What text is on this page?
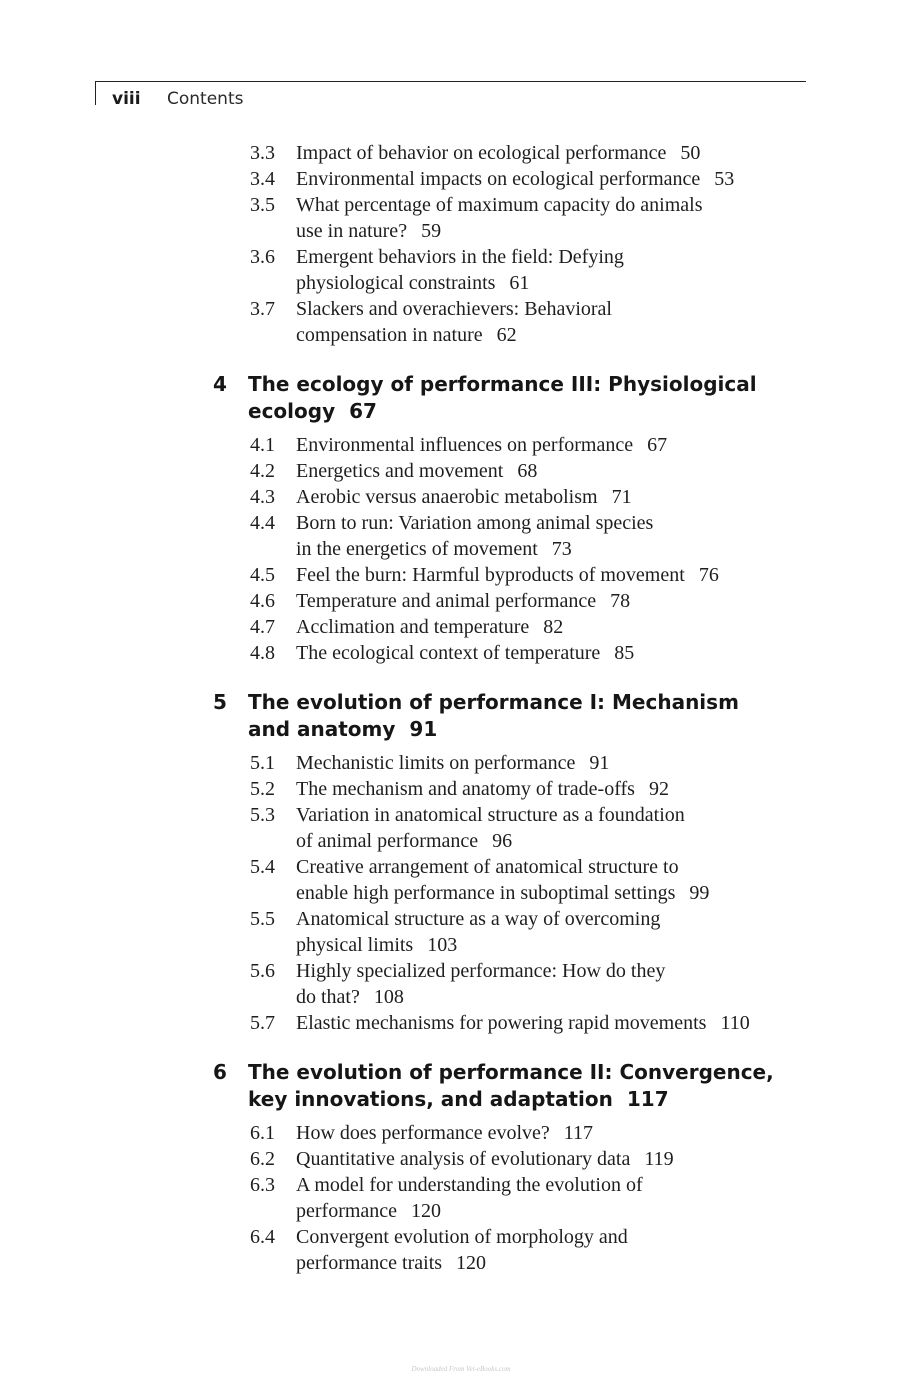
viii Contents
3.3 Impact of behavior on ecological performance 50
3.4 Environmental impacts on ecological performance 53
3.5 What percentage of maximum capacity do animals
use in nature? 59
3.6 Emergent behaviors in the field: Defying
physiological constraints 61
3.7 Slackers and overachievers: Behavioral
compensation in nature 62
4 The ecology of performance III: Physiological
ecology 67
4.1 Environmental influences on performance 67
4.2 Energetics and movement 68
4.3 Aerobic versus anaerobic metabolism 71
4.4 Born to run: Variation among animal species
in the energetics of movement 73
4.5 Feel the burn: Harmful byproducts of movement 76
4.6 Temperature and animal performance 78
4.7 Acclimation and temperature 82
4.8 The ecological context of temperature 85
5 The evolution of performance I: Mechanism
and anatomy 91
5.1 Mechanistic limits on performance 91
5.2 The mechanism and anatomy of trade-offs 92
5.3 Variation in anatomical structure as a foundation
of animal performance 96
5.4 Creative arrangement of anatomical structure to
enable high performance in suboptimal settings 99
5.5 Anatomical structure as a way of overcoming
physical limits 103
5.6 Highly specialized performance: How do they
do that? 108
5.7 Elastic mechanisms for powering rapid movements 110
6 The evolution of performance II: Convergence,
key innovations, and adaptation 117
6.1 How does performance evolve? 117
6.2 Quantitative analysis of evolutionary data 119
6.3 A model for understanding the evolution of
performance 120
6.4 Convergent evolution of morphology and
performance traits 120
Downloaded From Vet-eBooks.com
